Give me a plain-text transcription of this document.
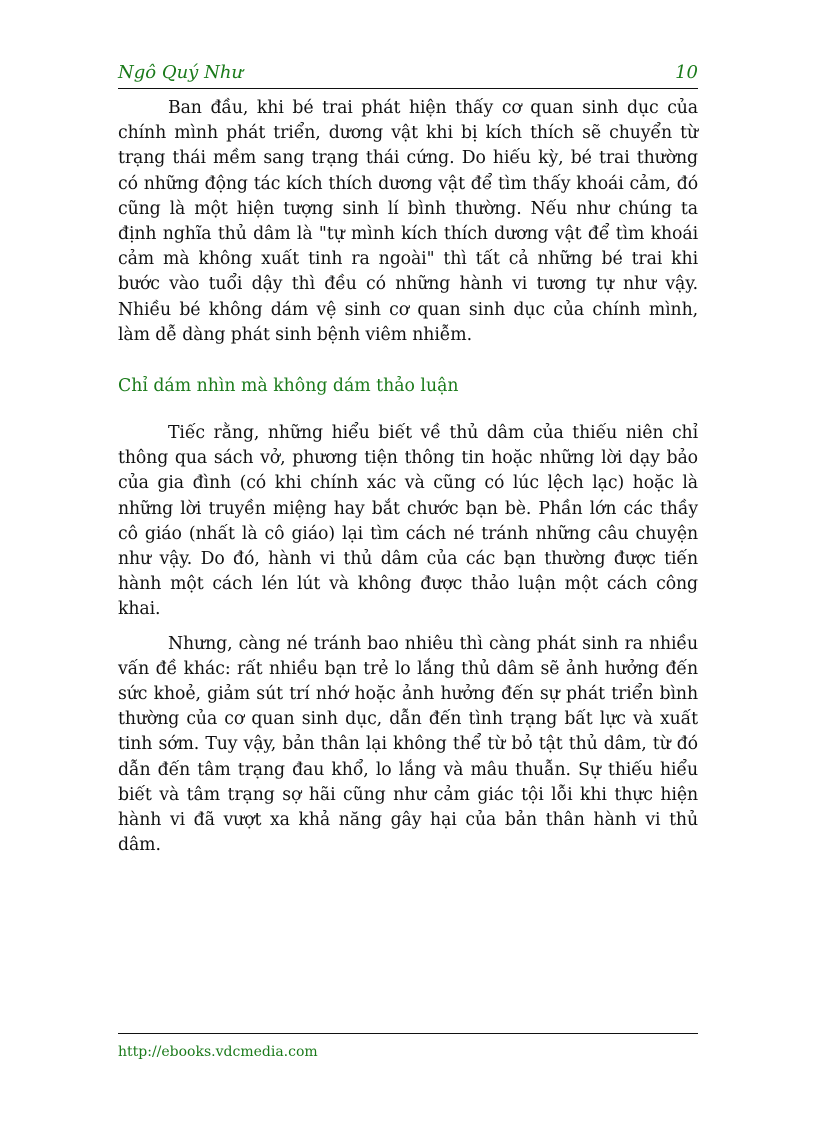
Ngô Quý Như	10

Ban đầu, khi bé trai phát hiện thấy cơ quan sinh dục của chính mình phát triển, dương vật khi bị kích thích sẽ chuyển từ trạng thái mềm sang trạng thái cứng. Do hiếu kỳ, bé trai thường có những động tác kích thích dương vật để tìm thấy khoái cảm, đó cũng là một hiện tượng sinh lí bình thường. Nếu như chúng ta định nghĩa thủ dâm là "tự mình kích thích dương vật để tìm khoái cảm mà không xuất tinh ra ngoài" thì tất cả những bé trai khi bước vào tuổi dậy thì đều có những hành vi tương tự như vậy. Nhiều bé không dám vệ sinh cơ quan sinh dục của chính mình, làm dễ dàng phát sinh bệnh viêm nhiễm.

Chỉ dám nhìn mà không dám thảo luận

Tiếc rằng, những hiểu biết về thủ dâm của thiếu niên chỉ thông qua sách vở, phương tiện thông tin hoặc những lời dạy bảo của gia đình (có khi chính xác và cũng có lúc lệch lạc) hoặc là những lời truyền miệng hay bắt chước bạn bè. Phần lớn các thầy cô giáo (nhất là cô giáo) lại tìm cách né tránh những câu chuyện như vậy. Do đó, hành vi thủ dâm của các bạn thường được tiến hành một cách lén lút và không được thảo luận một cách công khai.

Nhưng, càng né tránh bao nhiêu thì càng phát sinh ra nhiều vấn đề khác: rất nhiều bạn trẻ lo lắng thủ dâm sẽ ảnh hưởng đến sức khoẻ, giảm sút trí nhớ hoặc ảnh hưởng đến sự phát triển bình thường của cơ quan sinh dục, dẫn đến tình trạng bất lực và xuất tinh sớm. Tuy vậy, bản thân lại không thể từ bỏ tật thủ dâm, từ đó dẫn đến tâm trạng đau khổ, lo lắng và mâu thuẫn. Sự thiếu hiểu biết và tâm trạng sợ hãi cũng như cảm giác tội lỗi khi thực hiện hành vi đã vượt xa khả năng gây hại của bản thân hành vi thủ dâm.

http://ebooks.vdcmedia.com
